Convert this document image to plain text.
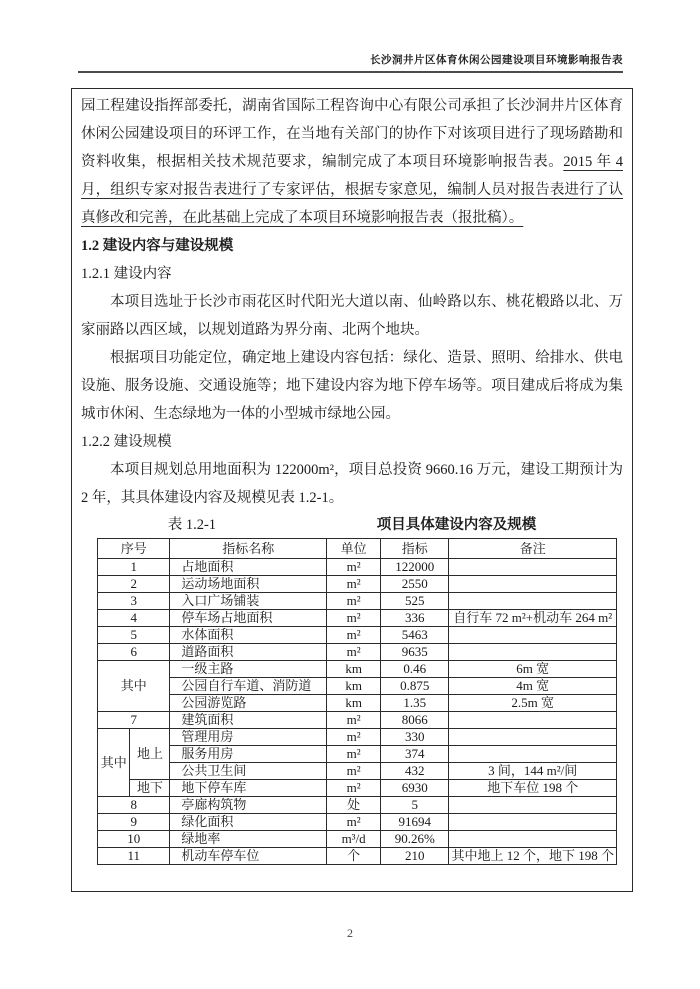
长沙洞井片区体育休闲公园建设项目环境影响报告表

园工程建设指挥部委托，湖南省国际工程咨询中心有限公司承担了长沙洞井片区体育休闲公园建设项目的环评工作，在当地有关部门的协作下对该项目进行了现场踏勘和资料收集，根据相关技术规范要求，编制完成了本项目环境影响报告表。2015 年 4 月，组织专家对报告表进行了专家评估，根据专家意见，编制人员对报告表进行了认真修改和完善，在此基础上完成了本项目环境影响报告表（报批稿）。

1.2 建设内容与建设规模
1.2.1 建设内容

本项目选址于长沙市雨花区时代阳光大道以南、仙岭路以东、桃花椴路以北、万家丽路以西区域，以规划道路为界分南、北两个地块。

根据项目功能定位，确定地上建设内容包括：绿化、造景、照明、给排水、供电设施、服务设施、交通设施等；地下建设内容为地下停车场等。项目建成后将成为集城市休闲、生态绿地为一体的小型城市绿地公园。

1.2.2 建设规模

本项目规划总用地面积为 122000m²，项目总投资 9660.16 万元，建设工期预计为 2 年，其具体建设内容及规模见表 1.2-1。

表 1.2-1	项目具体建设内容及规模
序号		指标名称	单位	指标	备注
1		占地面积	m²	122000	
2		运动场地面积	m²	2550	
3		入口广场铺装	m²	525	
4		停车场占地面积	m²	336	自行车 72 m²+机动车 264 m²
5		水体面积	m²	5463	
6		道路面积	m²	9635	
其中		一级主路	km	0.46	6m 宽
		公园自行车道、消防道	km	0.875	4m 宽
		公园游览路	km	1.35	2.5m 宽
7		建筑面积	m²	8066	
其中	地上	管理用房	m²	330	
		服务用房	m²	374	
		公共卫生间	m²	432	3 间，144 m²/间
	地下	地下停车库	m²	6930	地下车位 198 个
8		亭廊构筑物	处	5	
9		绿化面积	m²	91694	
10		绿地率	m³/d	90.26%	
11		机动车停车位	个	210	其中地上 12 个，地下 198 个
2
